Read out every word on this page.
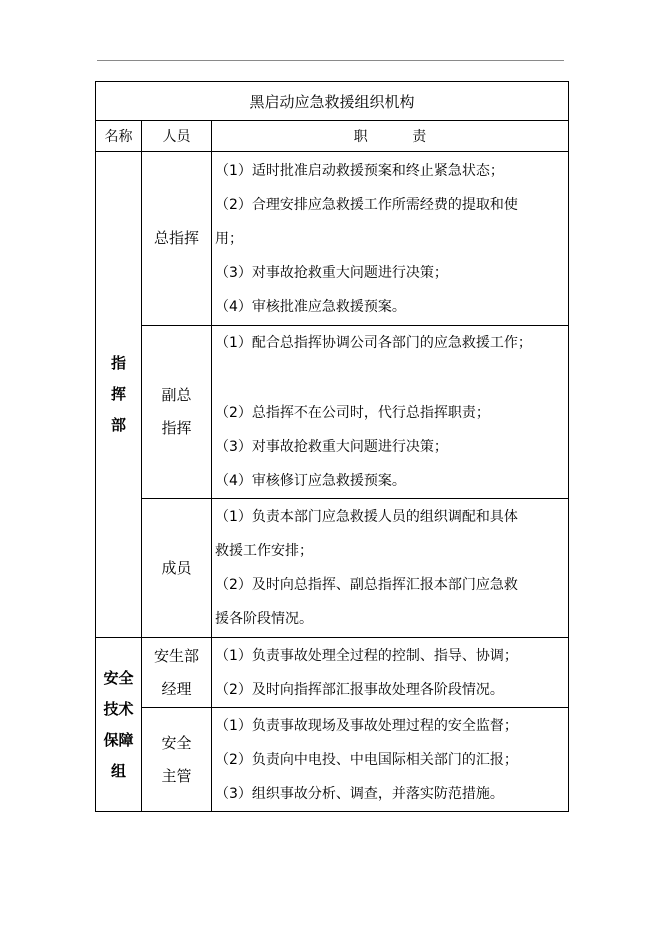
黑启动应急救援组织机构		
名称	人员	职          责

指
挥
部	总指挥	（1）适时批准启动救援预案和终止紧急状态；
（2）合理安排应急救援工作所需经费的提取和使
用；
（3）对事故抢救重大问题进行决策；
（4）审核批准应急救援预案。

	副总
指挥	（1）配合总指挥协调公司各部门的应急救援工作；
（2）总指挥不在公司时，代行总指挥职责；
（3）对事故抢救重大问题进行决策；
（4）审核修订应急救援预案。

	成员	（1）负责本部门应急救援人员的组织调配和具体
救援工作安排；
（2）及时向总指挥、副总指挥汇报本部门应急救
援各阶段情况。

安全
技术
保障
组	安生部
经理	（1）负责事故处理全过程的控制、指导、协调；
（2）及时向指挥部汇报事故处理各阶段情况。

	安全
主管	（1）负责事故现场及事故处理过程的安全监督；
（2）负责向中电投、中电国际相关部门的汇报；
（3）组织事故分析、调查，并落实防范措施。
